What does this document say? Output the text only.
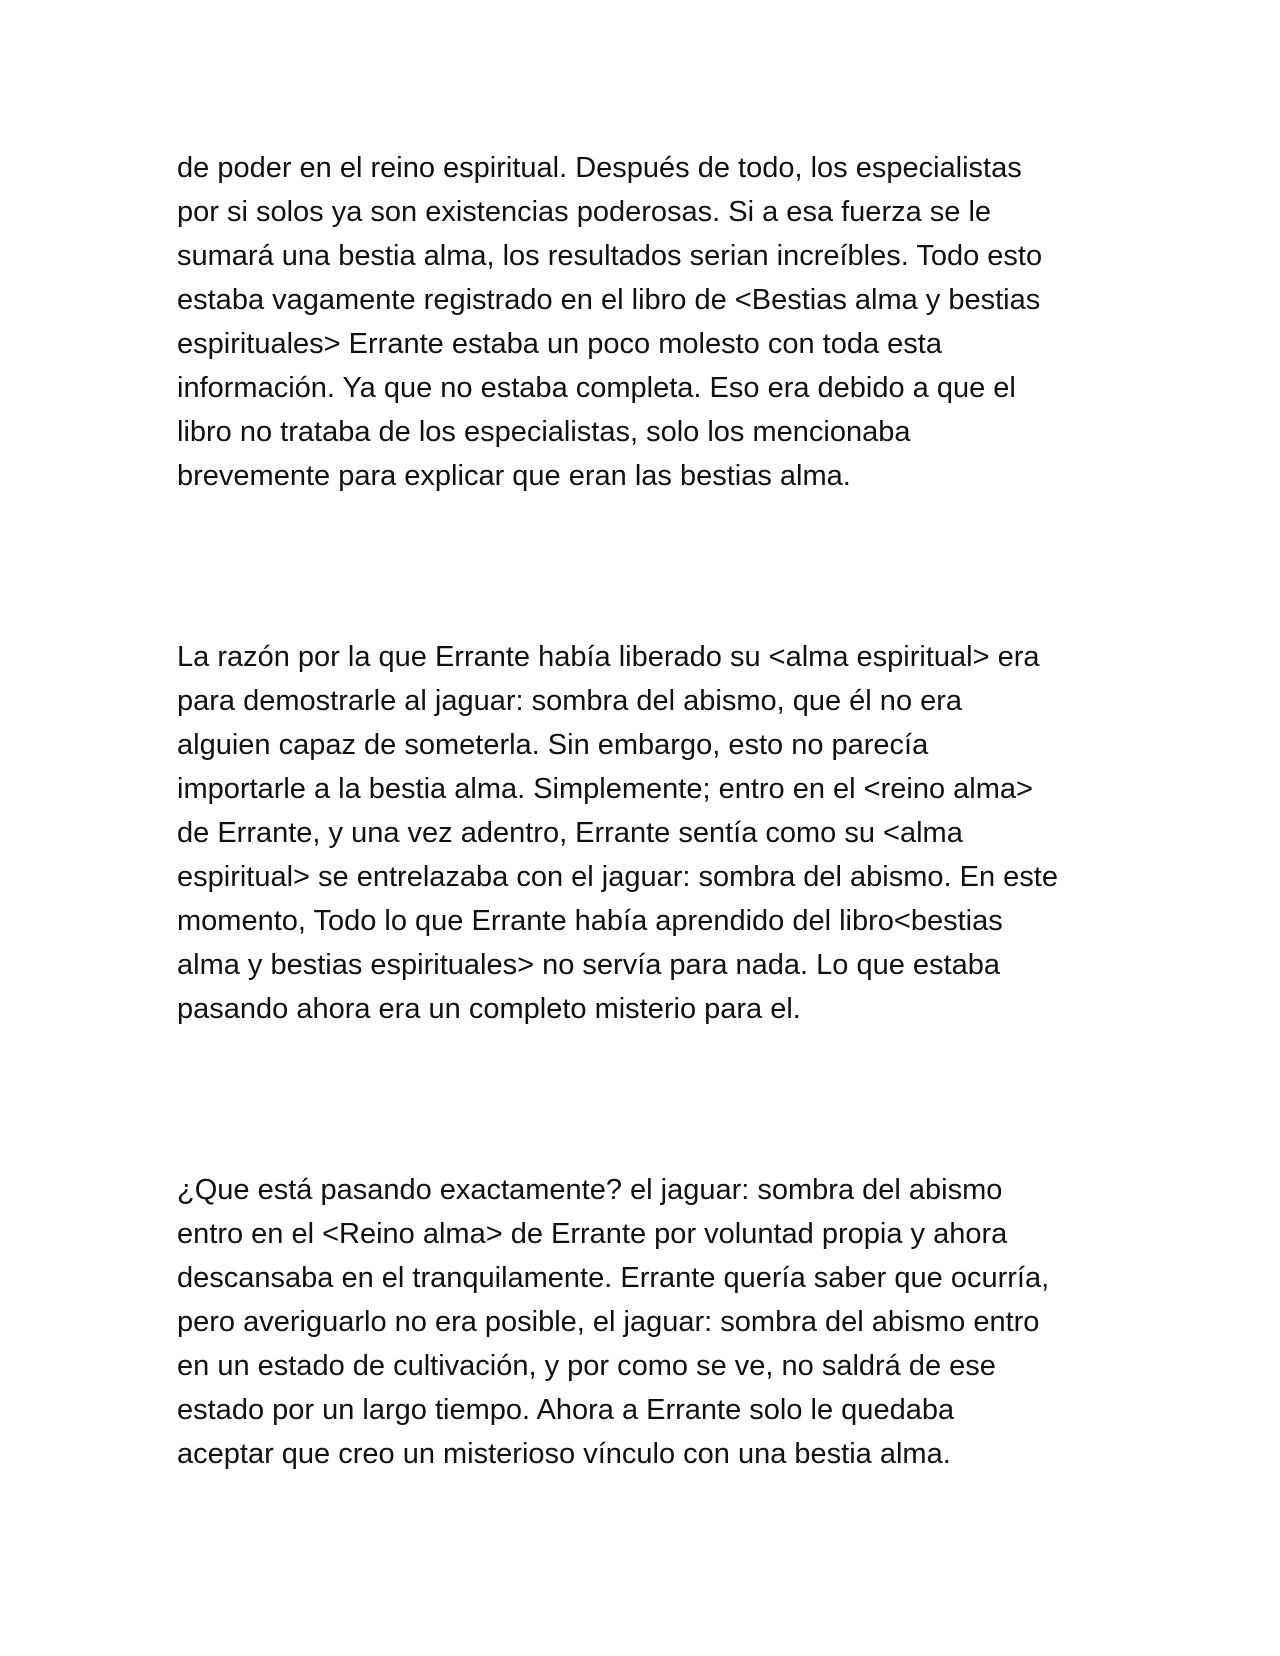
de poder en el reino espiritual. Después de todo, los especialistas
por si solos ya son existencias poderosas. Si a esa fuerza se le
sumará una bestia alma, los resultados serian increíbles. Todo esto
estaba vagamente registrado en el libro de <Bestias alma y bestias
espirituales> Errante estaba un poco molesto con toda esta
información. Ya que no estaba completa. Eso era debido a que el
libro no trataba de los especialistas, solo los mencionaba
brevemente para explicar que eran las bestias alma.

La razón por la que Errante había liberado su <alma espiritual> era
para demostrarle al jaguar: sombra del abismo, que él no era
alguien capaz de someterla. Sin embargo, esto no parecía
importarle a la bestia alma. Simplemente; entro en el <reino alma>
de Errante, y una vez adentro, Errante sentía como su <alma
espiritual> se entrelazaba con el jaguar: sombra del abismo. En este
momento, Todo lo que Errante había aprendido del libro<bestias
alma y bestias espirituales> no servía para nada. Lo que estaba
pasando ahora era un completo misterio para el.

¿Que está pasando exactamente? el jaguar: sombra del abismo
entro en el <Reino alma> de Errante por voluntad propia y ahora
descansaba en el tranquilamente. Errante quería saber que ocurría,
pero averiguarlo no era posible, el jaguar: sombra del abismo entro
en un estado de cultivación, y por como se ve, no saldrá de ese
estado por un largo tiempo. Ahora a Errante solo le quedaba
aceptar que creo un misterioso vínculo con una bestia alma.
